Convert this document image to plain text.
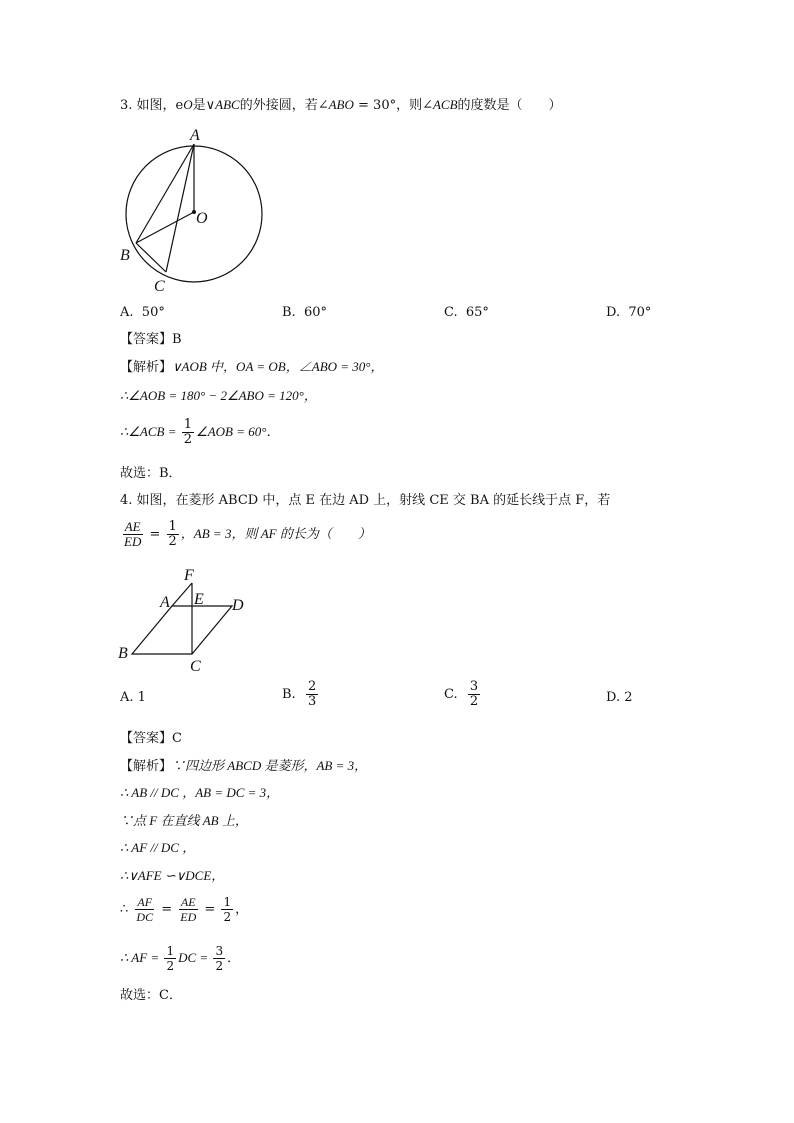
3. 如图，eO是∨ABC的外接圆，若∠ABO = 30°，则∠ACB的度数是（　　）
A
O
B
C
A. 50°	B. 60°	C. 65°	D. 70°
【答案】B
【解析】∨AOB 中，OA = OB，∠ABO = 30°，
∴∠AOB = 180° − 2∠ABO = 120°，
∴∠ACB = $\frac{1}{2}$ ∠AOB = 60°．
故选：B．
4. 如图，在菱形 ABCD 中，点 E 在边 AD 上，射线 CE 交 BA 的延长线于点 F，若
$\frac{AE}{ED} = \frac{1}{2}$ ，AB = 3，则 AF 的长为（　　）
F
A E D
B
C
A. 1	B. $\frac{2}{3}$	C. $\frac{3}{2}$	D. 2
【答案】C
【解析】∵四边形 ABCD 是菱形，AB = 3，
∴ AB // DC ，AB = DC = 3，
∵点 F 在直线 AB 上，
∴ AF // DC ，
∴∨AFE ∽∨DCE，
∴ $\frac{AF}{DC} = \frac{AE}{ED} = \frac{1}{2}$ ，
∴ AF = $\frac{1}{2}$ DC = $\frac{3}{2}$ ．
故选：C．
